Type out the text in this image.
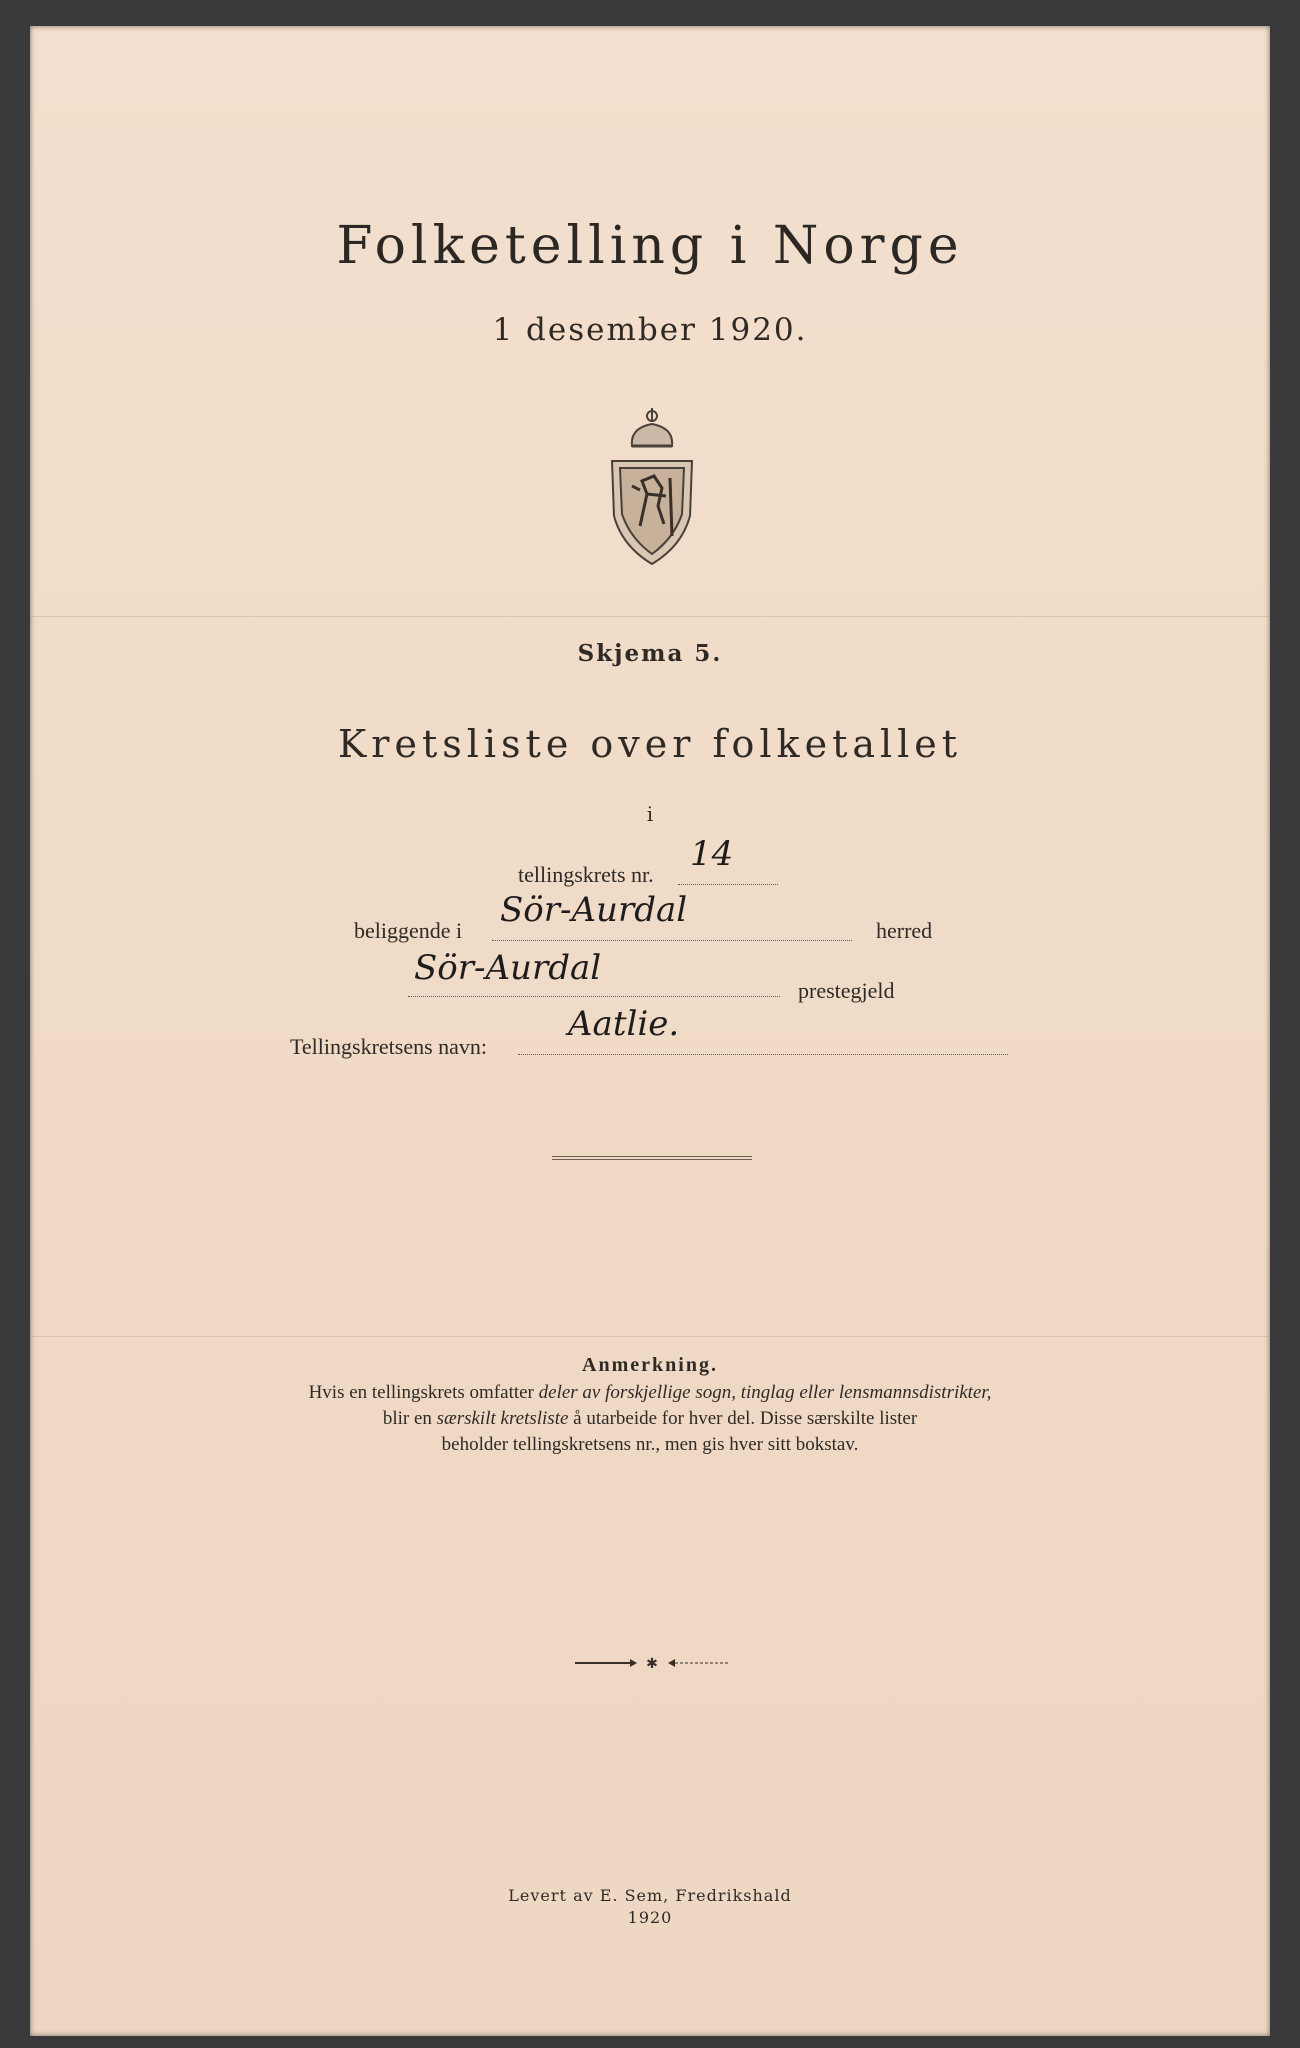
Folketelling i Norge
1 desember 1920.
Skjema 5.
Kretsliste over folketallet
i
tellingskrets nr.
14
beliggende i
Sör-Aurdal
herred
Sör-Aurdal
prestegjeld
Tellingskretsens navn:
Aatlie.
Anmerkning.
Hvis en tellingskrets omfatter deler av forskjellige sogn, tinglag eller lensmannsdistrikter,
blir en særskilt kretsliste å utarbeide for hver del. Disse særskilte lister
beholder tellingskretsens nr., men gis hver sitt bokstav.
✱
Levert av E. Sem, Fredrikshald
1920
